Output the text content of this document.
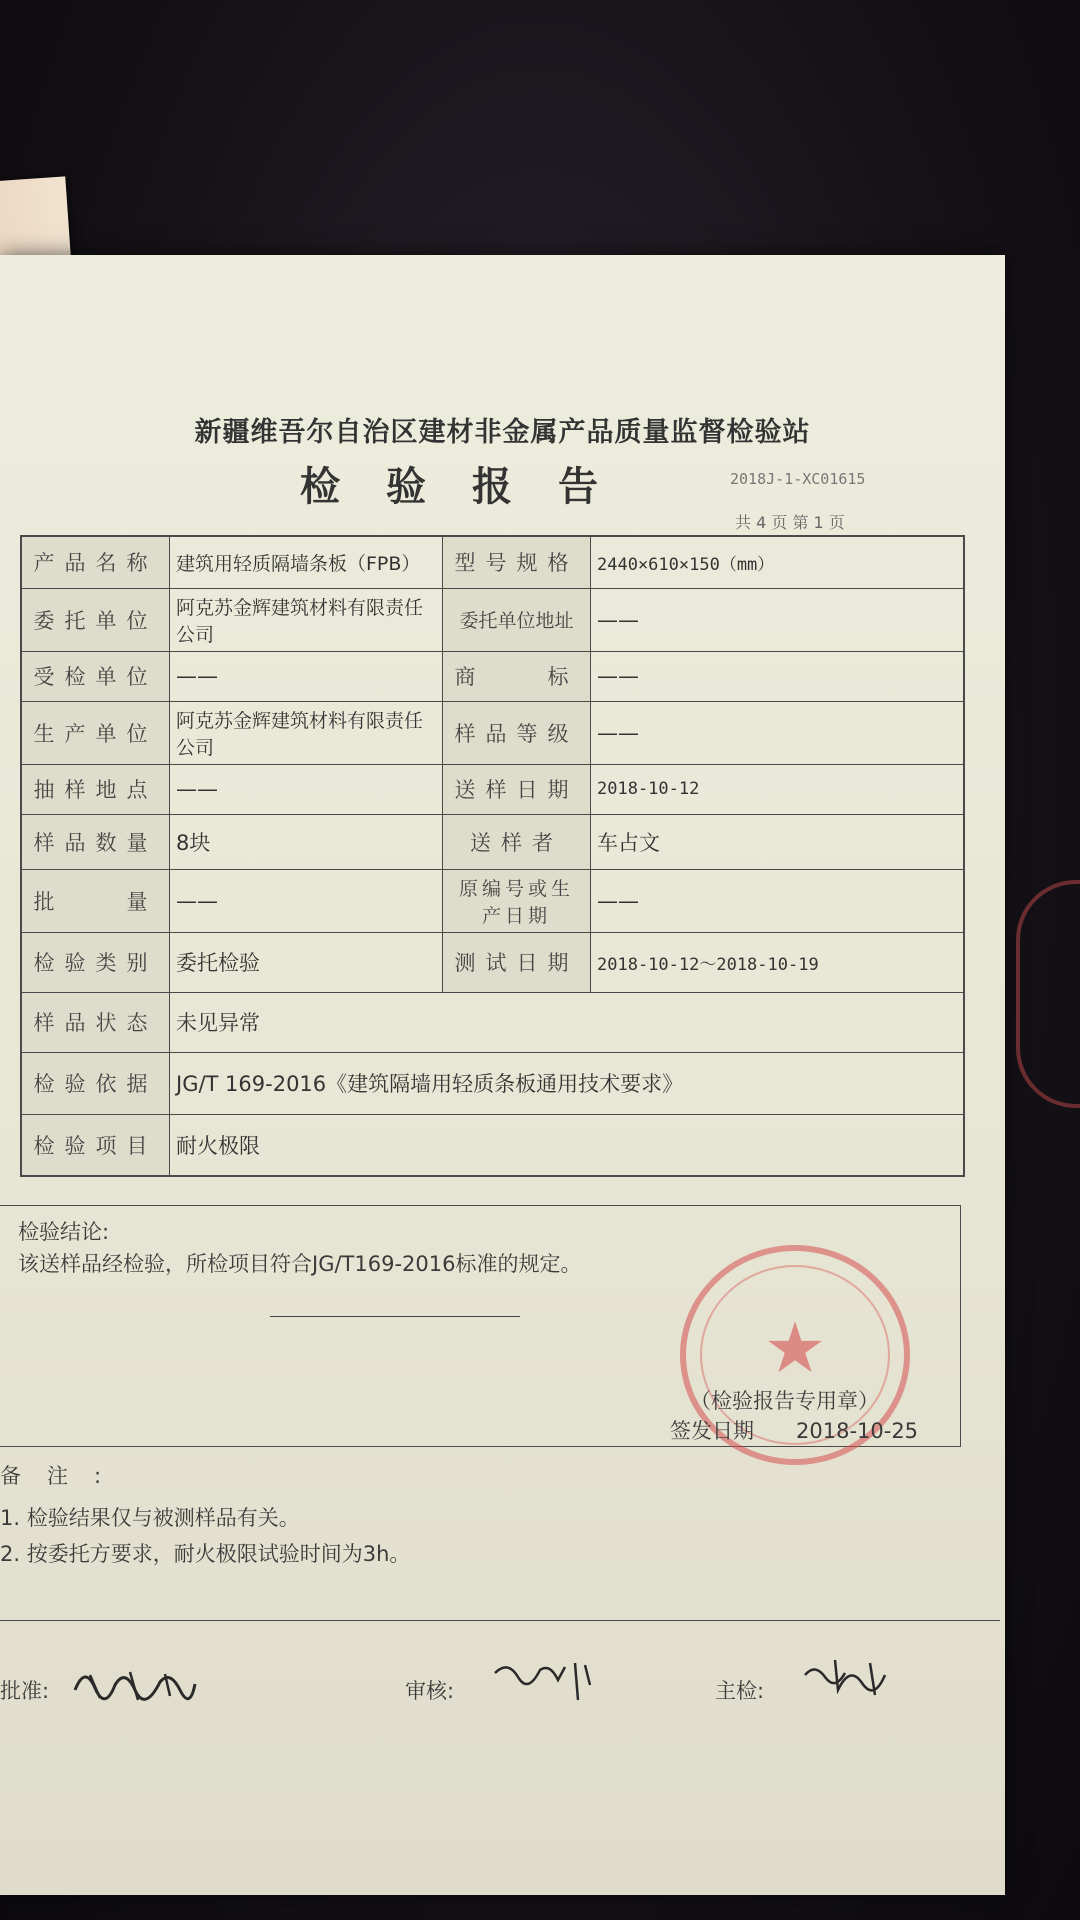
新疆维吾尔自治区建材非金属产品质量监督检验站
检验报告	2018J-1-XC01615
共 4 页 第 1 页
产品名称	建筑用轻质隔墙条板（FPB）	型号规格	2440×610×150（mm）
委托单位	阿克苏金辉建筑材料有限责任公司	委托单位地址	——
受检单位	——	商　　标	——
生产单位	阿克苏金辉建筑材料有限责任公司	样品等级	——
抽样地点	——	送样日期	2018-10-12
样品数量	8块	送样者	车占文
批　　量	——	原编号或生产日期	——
检验类别	委托检验	测试日期	2018-10-12～2018-10-19
样品状态	未见异常		
检验依据	JG/T 169-2016《建筑隔墙用轻质条板通用技术要求》		
检验项目	耐火极限		
检验结论:
该送样品经检验，所检项目符合JG/T169-2016标准的规定。
★
（检验报告专用章）
签发日期　　2018-10-25
备注:
1. 检验结果仅与被测样品有关。
2. 按委托方要求，耐火极限试验时间为3h。
批准:	审核:	主检:
